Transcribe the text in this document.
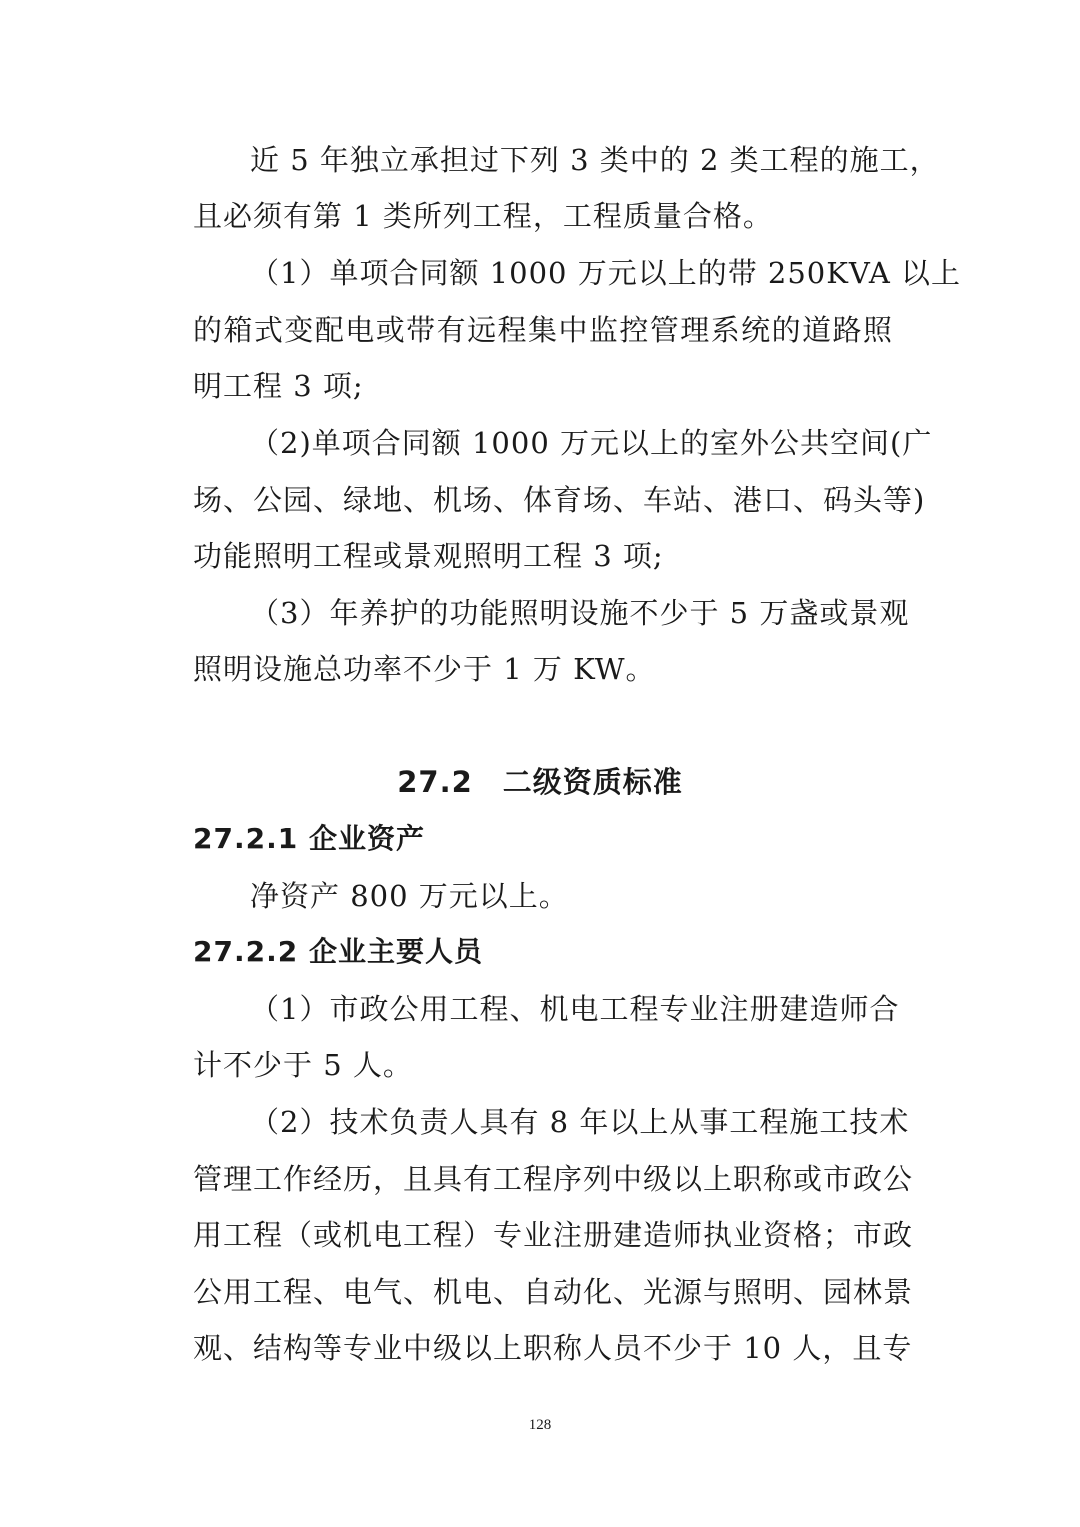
近 5 年独立承担过下列 3 类中的 2 类工程的施工，
且必须有第 1 类所列工程，工程质量合格。
（1）单项合同额 1000 万元以上的带 250KVA 以上
的箱式变配电或带有远程集中监控管理系统的道路照
明工程 3 项;
（2)单项合同额 1000 万元以上的室外公共空间(广
场、公园、绿地、机场、体育场、车站、港口、码头等)
功能照明工程或景观照明工程 3 项;
（3）年养护的功能照明设施不少于 5 万盏或景观
照明设施总功率不少于 1 万 KW。
27.2　二级资质标准
27.2.1 企业资产
净资产 800 万元以上。
27.2.2 企业主要人员
（1）市政公用工程、机电工程专业注册建造师合
计不少于 5 人。
（2）技术负责人具有 8 年以上从事工程施工技术
管理工作经历，且具有工程序列中级以上职称或市政公
用工程（或机电工程）专业注册建造师执业资格；市政
公用工程、电气、机电、自动化、光源与照明、园林景
观、结构等专业中级以上职称人员不少于 10 人，且专
128
